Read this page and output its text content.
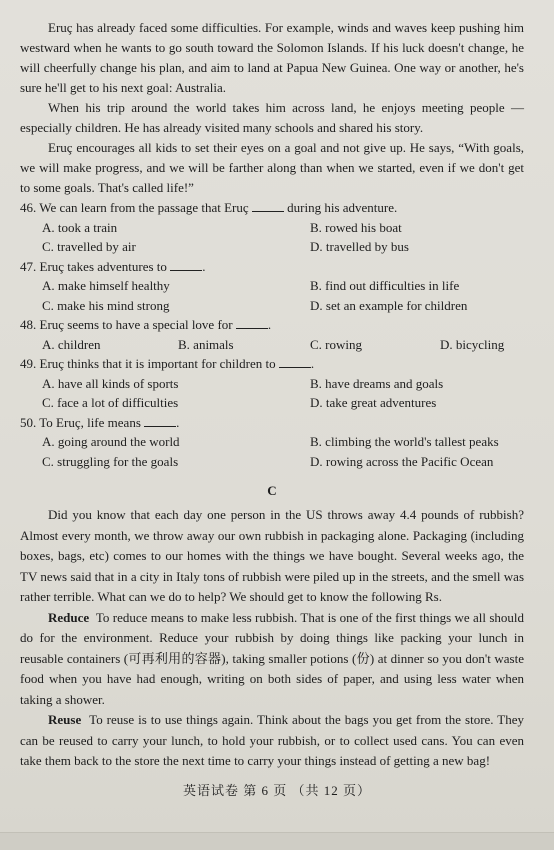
Eruç has already faced some difficulties. For example, winds and waves keep pushing him westward when he wants to go south toward the Solomon Islands. If his luck doesn't change, he will cheerfully change his plan, and aim to land at Papua New Guinea. One way or another, he's sure he'll get to his next goal: Australia.

When his trip around the world takes him across land, he enjoys meeting people — especially children. He has already visited many schools and shared his story.

Eruç encourages all kids to set their eyes on a goal and not give up. He says, “With goals, we will make progress, and we will be farther along than when we started, even if we don't get to some goals. That's called life!”

46. We can learn from the passage that Eruç	during his adventure.

A. took a train	B. rowed his boat
C. travelled by air	D. travelled by bus

47. Eruç takes adventures to	.

A. make himself healthy	B. find out difficulties in life
C. make his mind strong	D. set an example for children

48. Eruç seems to have a special love for	.

A. children	B. animals	C. rowing	D. bicycling

49. Eruç thinks that it is important for children to	.

A. have all kinds of sports	B. have dreams and goals
C. face a lot of difficulties	D. take great adventures

50. To Eruç, life means	.

A. going around the world	B. climbing the world's tallest peaks
C. struggling for the goals	D. rowing across the Pacific Ocean
C

Did you know that each day one person in the US throws away 4.4 pounds of rubbish? Almost every month, we throw away our own rubbish in packaging alone. Packaging (including boxes, bags, etc) comes to our homes with the things we have bought. Several weeks ago, the TV news said that in a city in Italy tons of rubbish were piled up in the streets, and the smell was rather terrible. What can we do to help? We should get to know the following Rs.

Reduce To reduce means to make less rubbish. That is one of the first things we all should do for the environment. Reduce your rubbish by doing things like packing your lunch in reusable containers (可再利用的容器), taking smaller potions (份) at dinner so you don't waste food when you have had enough, writing on both sides of paper, and using less water when taking a shower.

Reuse To reuse is to use things again. Think about the bags you get from the store. They can be reused to carry your lunch, to hold your rubbish, or to collect used cans. You can even take them back to the store the next time to carry your things instead of getting a new bag!

英语试卷 第 6 页 （共 12 页）
